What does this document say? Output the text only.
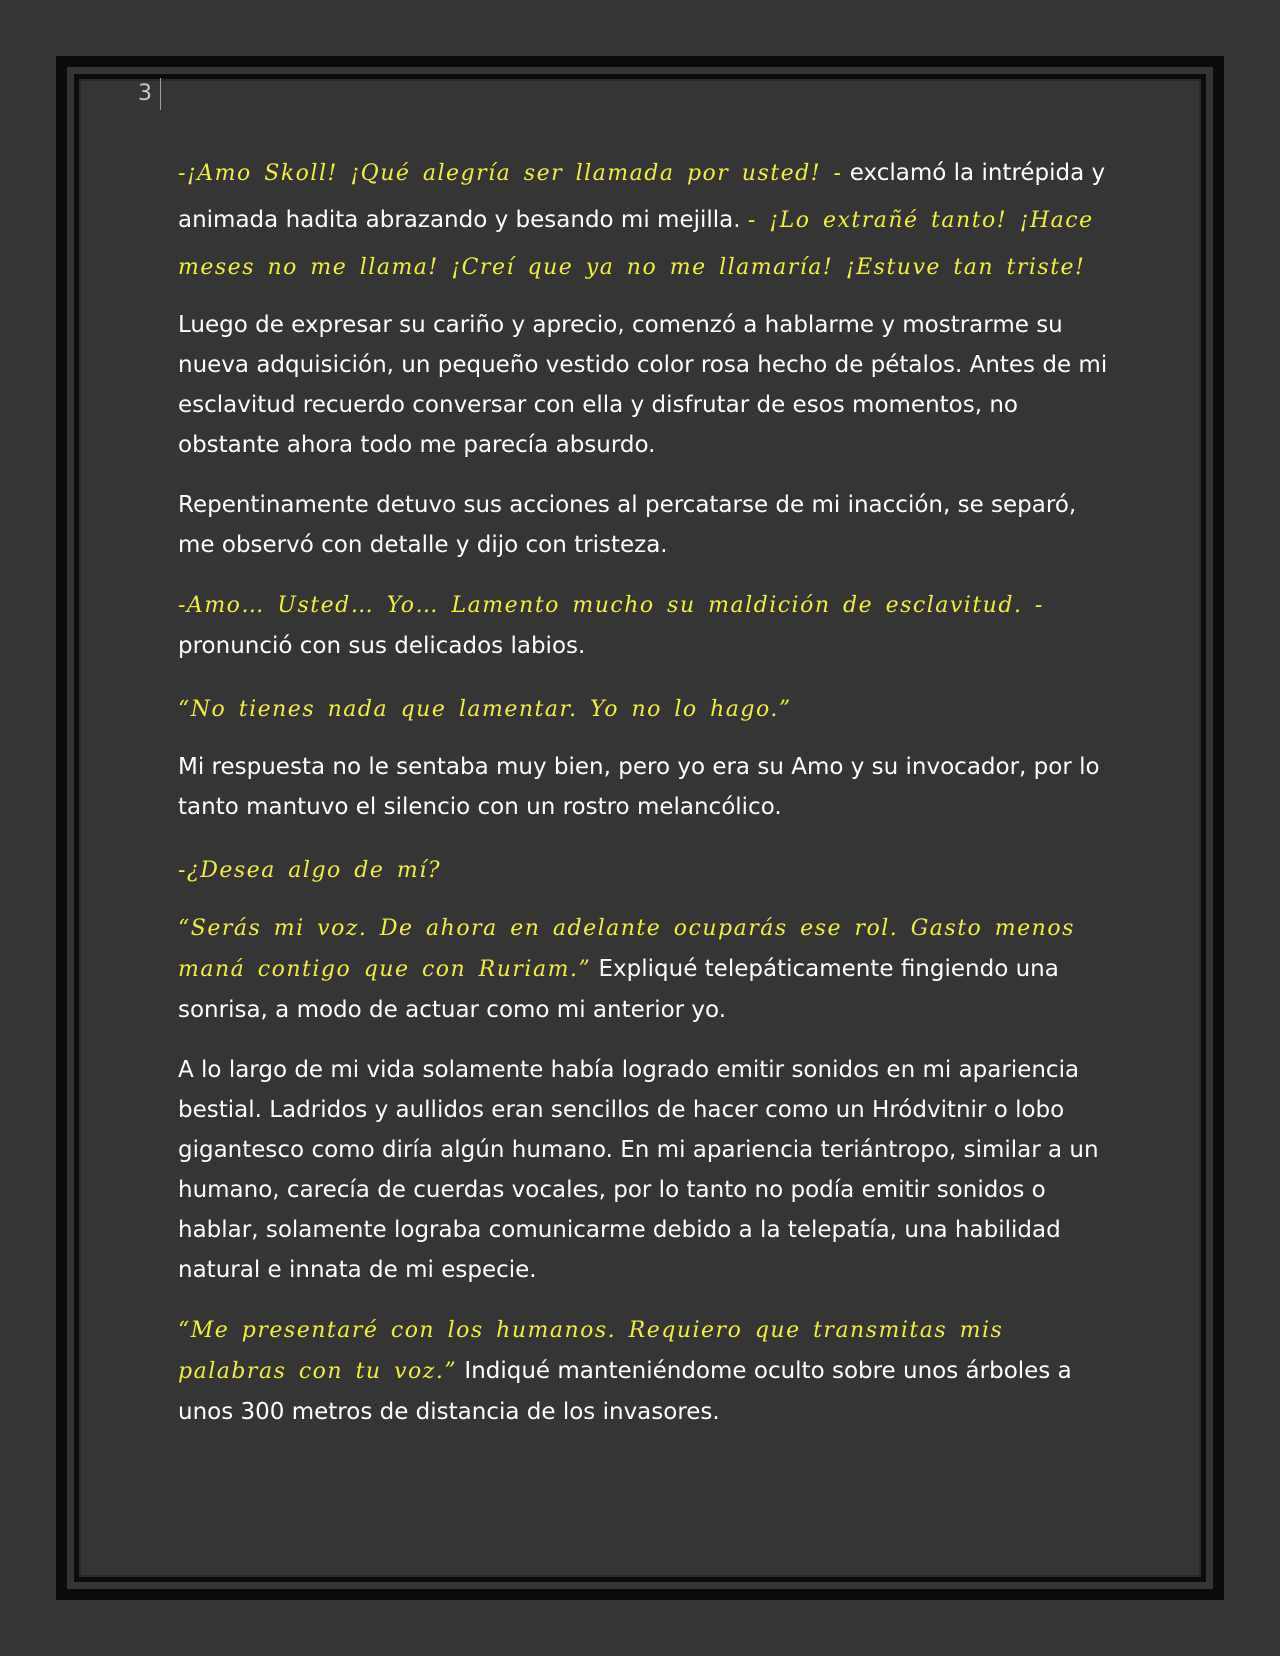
3

-¡Amo Skoll! ¡Qué alegría ser llamada por usted! - exclamó la intrépida y animada hadita abrazando y besando mi mejilla. - ¡Lo extrañé tanto! ¡Hace meses no me llama! ¡Creí que ya no me llamaría! ¡Estuve tan triste!

Luego de expresar su cariño y aprecio, comenzó a hablarme y mostrarme su nueva adquisición, un pequeño vestido color rosa hecho de pétalos. Antes de mi esclavitud recuerdo conversar con ella y disfrutar de esos momentos, no obstante ahora todo me parecía absurdo.

Repentinamente detuvo sus acciones al percatarse de mi inacción, se separó, me observó con detalle y dijo con tristeza.

-Amo… Usted… Yo… Lamento mucho su maldición de esclavitud. - pronunció con sus delicados labios.

“No tienes nada que lamentar. Yo no lo hago.”

Mi respuesta no le sentaba muy bien, pero yo era su Amo y su invocador, por lo tanto mantuvo el silencio con un rostro melancólico.

-¿Desea algo de mí?

“Serás mi voz. De ahora en adelante ocuparás ese rol. Gasto menos maná contigo que con Ruriam.” Expliqué telepáticamente fingiendo una sonrisa, a modo de actuar como mi anterior yo.

A lo largo de mi vida solamente había logrado emitir sonidos en mi apariencia bestial. Ladridos y aullidos eran sencillos de hacer como un Hródvitnir o lobo gigantesco como diría algún humano. En mi apariencia teriántropo, similar a un humano, carecía de cuerdas vocales, por lo tanto no podía emitir sonidos o hablar, solamente lograba comunicarme debido a la telepatía, una habilidad natural e innata de mi especie.

“Me presentaré con los humanos. Requiero que transmitas mis palabras con tu voz.” Indiqué manteniéndome oculto sobre unos árboles a unos 300 metros de distancia de los invasores.
